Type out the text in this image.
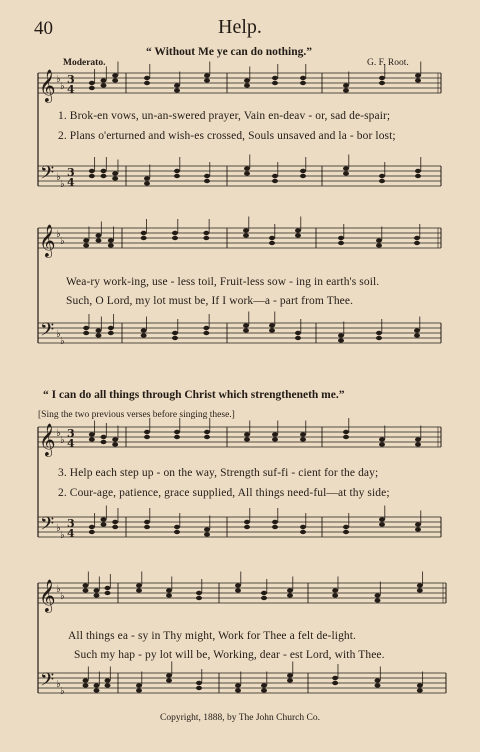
40	Help.
“ Without Me ye can do nothing.”
G. F. Root.
Moderato.
1. Brok-en vows, un-an-swered prayer, Vain en-deav - or, sad de-spair;
2. Plans o'erturned and wish-es crossed, Souls unsaved and la - bor lost;
Wea-ry work-ing, use - less toil, Fruit-less sow - ing in earth's soil.
Such, O Lord, my lot must be, If I work—a - part from Thee.
“ I can do all things through Christ which strengtheneth me.”
[Sing the two previous verses before singing these.]
3. Help each step up - on the way, Strength suf-fi - cient for the day;
2. Cour-age, patience, grace supplied, All things need-ful—at thy side;
All things ea - sy in Thy might, Work for Thee a felt de-light.
Such my hap - py lot will be, Working, dear - est Lord, with Thee.
Copyright, 1888, by The John Church Co.
𝄞
𝄢
♭
♭
♭
♭
3
4
3
4
𝄞
𝄢
♭
♭
♭
♭
𝄞
𝄢
♭
♭
♭
♭
3
4
3
4
𝄞
𝄢
♭
♭
♭
♭
